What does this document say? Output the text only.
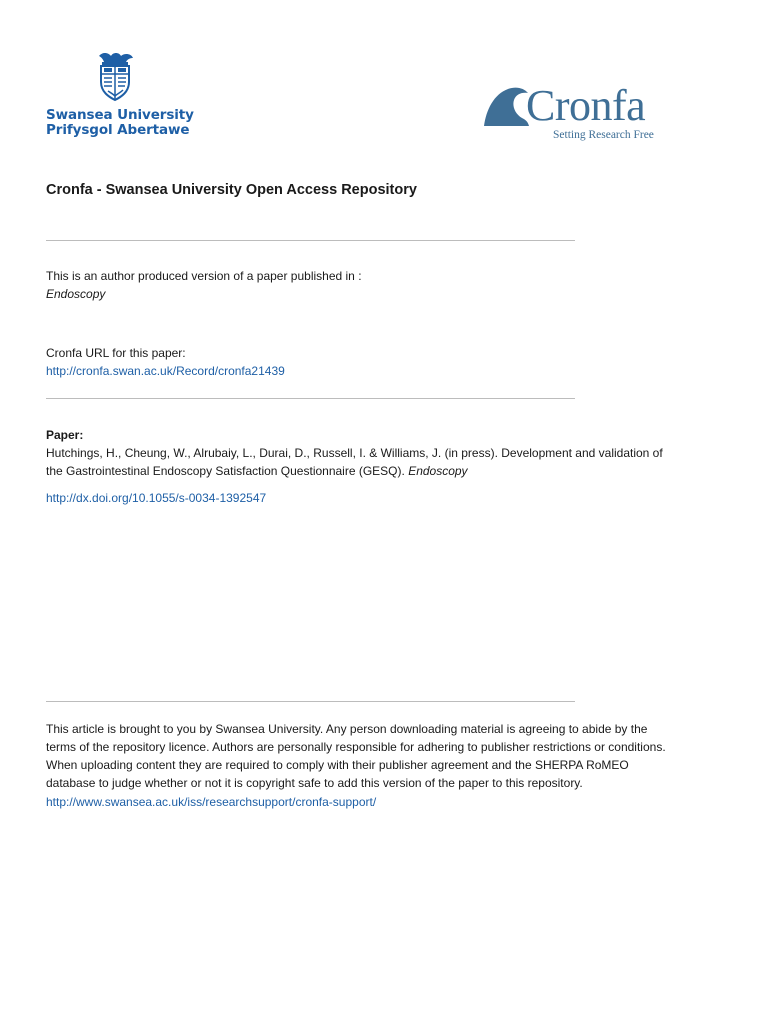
Swansea University
Prifysgol Abertawe	Cronfa
Setting Research Free
Cronfa - Swansea University Open Access Repository
This is an author produced version of a paper published in :
Endoscopy
Cronfa URL for this paper:
http://cronfa.swan.ac.uk/Record/cronfa21439
Paper:
Hutchings, H., Cheung, W., Alrubaiy, L., Durai, D., Russell, I. & Williams, J. (in press). Development and validation of
the Gastrointestinal Endoscopy Satisfaction Questionnaire (GESQ). Endoscopy
http://dx.doi.org/10.1055/s-0034-1392547
This article is brought to you by Swansea University. Any person downloading material is agreeing to abide by the
terms of the repository licence. Authors are personally responsible for adhering to publisher restrictions or conditions.
When uploading content they are required to comply with their publisher agreement and the SHERPA RoMEO
database to judge whether or not it is copyright safe to add this version of the paper to this repository.
http://www.swansea.ac.uk/iss/researchsupport/cronfa-support/
